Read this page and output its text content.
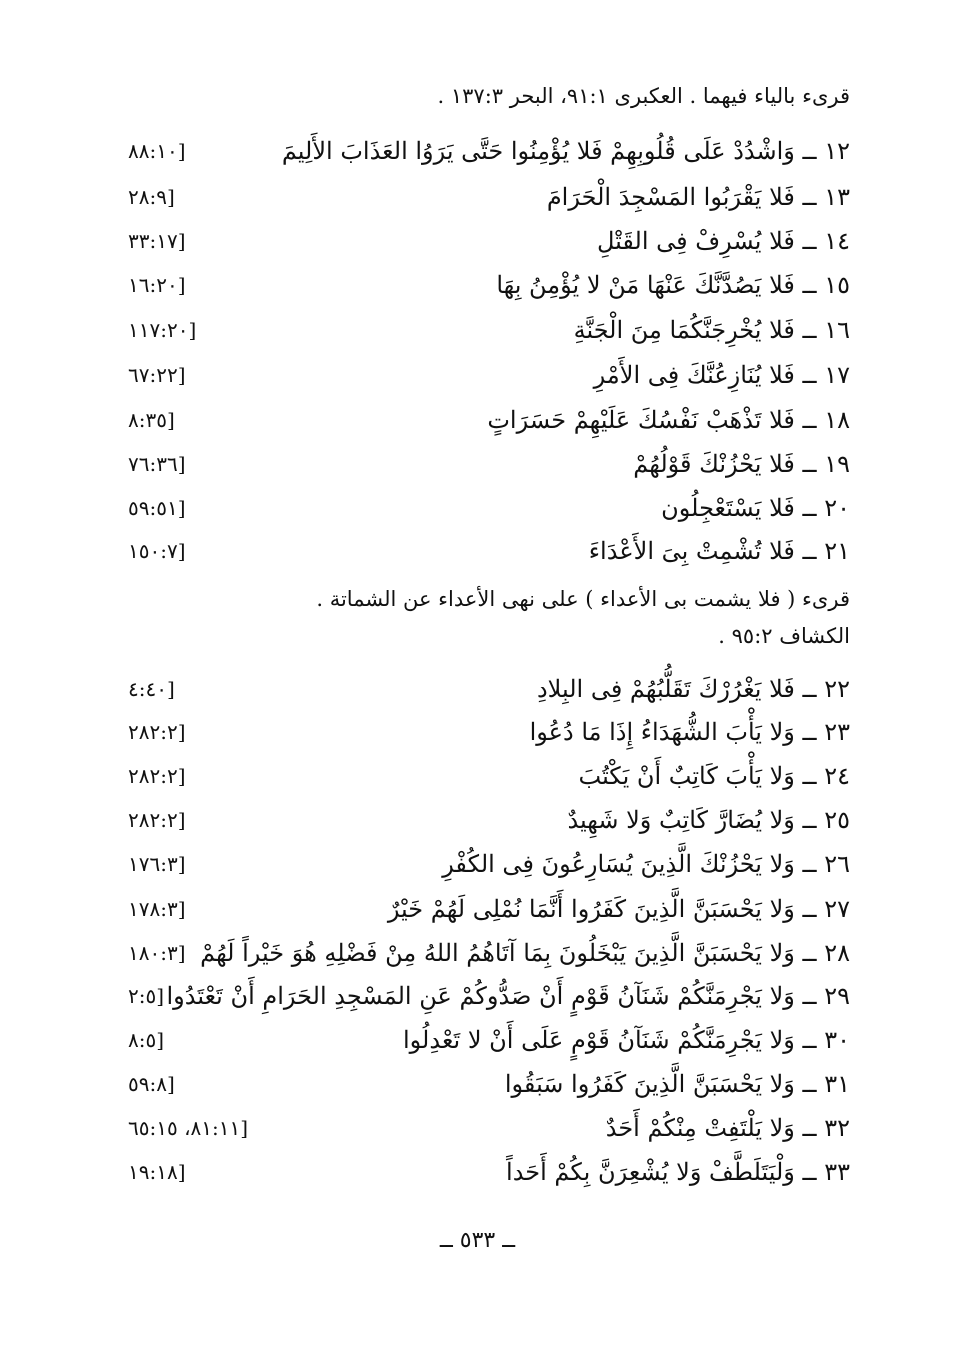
قرىء بالياء فيهما . العكبرى ٩١:١، البحر ١٣٧:٣ .
١٢ ــ وَاشْدُدْ عَلَى قُلُوبِهِمْ فَلا يُؤْمِنُوا حَتَّى يَرَوُا العَذَابَ الأَلِيمَ
[٨٨:١٠
١٣ ــ فَلا يَقْرَبُوا المَسْجِدَ الْحَرَامَ
[٢٨:٩
١٤ ــ فَلا يُسْرِفْ فِى القَتْلِ
[٣٣:١٧
١٥ ــ فَلا يَصُدَّنَّكَ عَنْهَا مَنْ لا يُؤْمِنُ بِهَا
[١٦:٢٠
١٦ ــ فَلا يُخْرِجَنَّكُمَا مِنَ الْجَنَّةِ
[١١٧:٢٠
١٧ ــ فَلا يُنَازِعُنَّكَ فِى الأَمْرِ
[٦٧:٢٢
١٨ ــ فَلا تَذْهَبْ نَفْسُكَ عَلَيْهِمْ حَسَرَاتٍ
[٨:٣٥
١٩ ــ فَلا يَحْزُنْكَ قَوْلُهُمْ
[٧٦:٣٦
٢٠ ــ فَلا يَسْتَعْجِلُون
[٥٩:٥١
٢١ ــ فَلا تُشْمِتْ بِىَ الأَعْدَاءَ
[١٥٠:٧
قرىء ( فلا يشمت بى الأعداء ) على نهى الأعداء عن الشماتة .
الكشاف ٩٥:٢ .
٢٢ ــ فَلا يَغْرُرْكَ تَقَلُّبُهُمْ فِى البِلادِ
[٤:٤٠
٢٣ ــ وَلا يَأْبَ الشُّهَدَاءُ إِذَا مَا دُعُوا
[٢٨٢:٢
٢٤ ــ وَلا يَأْبَ كَاتِبٌ أَنْ يَكْتُبَ
[٢٨٢:٢
٢٥ ــ وَلا يُضَارَّ كَاتِبٌ وَلا شَهِيدٌ
[٢٨٢:٢
٢٦ ــ وَلا يَحْزُنْكَ الَّذِينَ يُسَارِعُونَ فِى الكُفْرِ
[١٧٦:٣
٢٧ ــ وَلا يَحْسَبَنَّ الَّذِينَ كَفَرُوا أَنَّمَا نُمْلِى لَهُمْ خَيْرٌ
[١٧٨:٣
٢٨ ــ وَلا يَحْسَبَنَّ الَّذِينَ يَبْخَلُونَ بِمَا آتَاهُمُ اللهُ مِنْ فَضْلِهِ هُوَ خَيْراً لَهُمْ
[١٨٠:٣
٢٩ ــ وَلا يَجْرِمَنَّكُمْ شَنَآنُ قَوْمٍ أَنْ صَدُّوكُمْ عَنِ المَسْجِدِ الحَرَامِ أَنْ تَعْتَدُوا
[٢:٥
٣٠ ــ وَلا يَجْرِمَنَّكُمْ شَنَآنُ قَوْمٍ عَلَى أَنْ لا تَعْدِلُوا
[٨:٥
٣١ ــ وَلا يَحْسَبَنَّ الَّذِينَ كَفَرُوا سَبَقُوا
[٥٩:٨
٣٢ ــ وَلا يَلْتَفِتْ مِنْكُمْ أَحَدٌ
[٨١:١١، ٦٥:١٥
٣٣ ــ وَلْيَتَلَطَّفْ وَلا يُشْعِرَنَّ بِكُمْ أَحَداً
[١٩:١٨
ــ ٥٣٣ ــ
